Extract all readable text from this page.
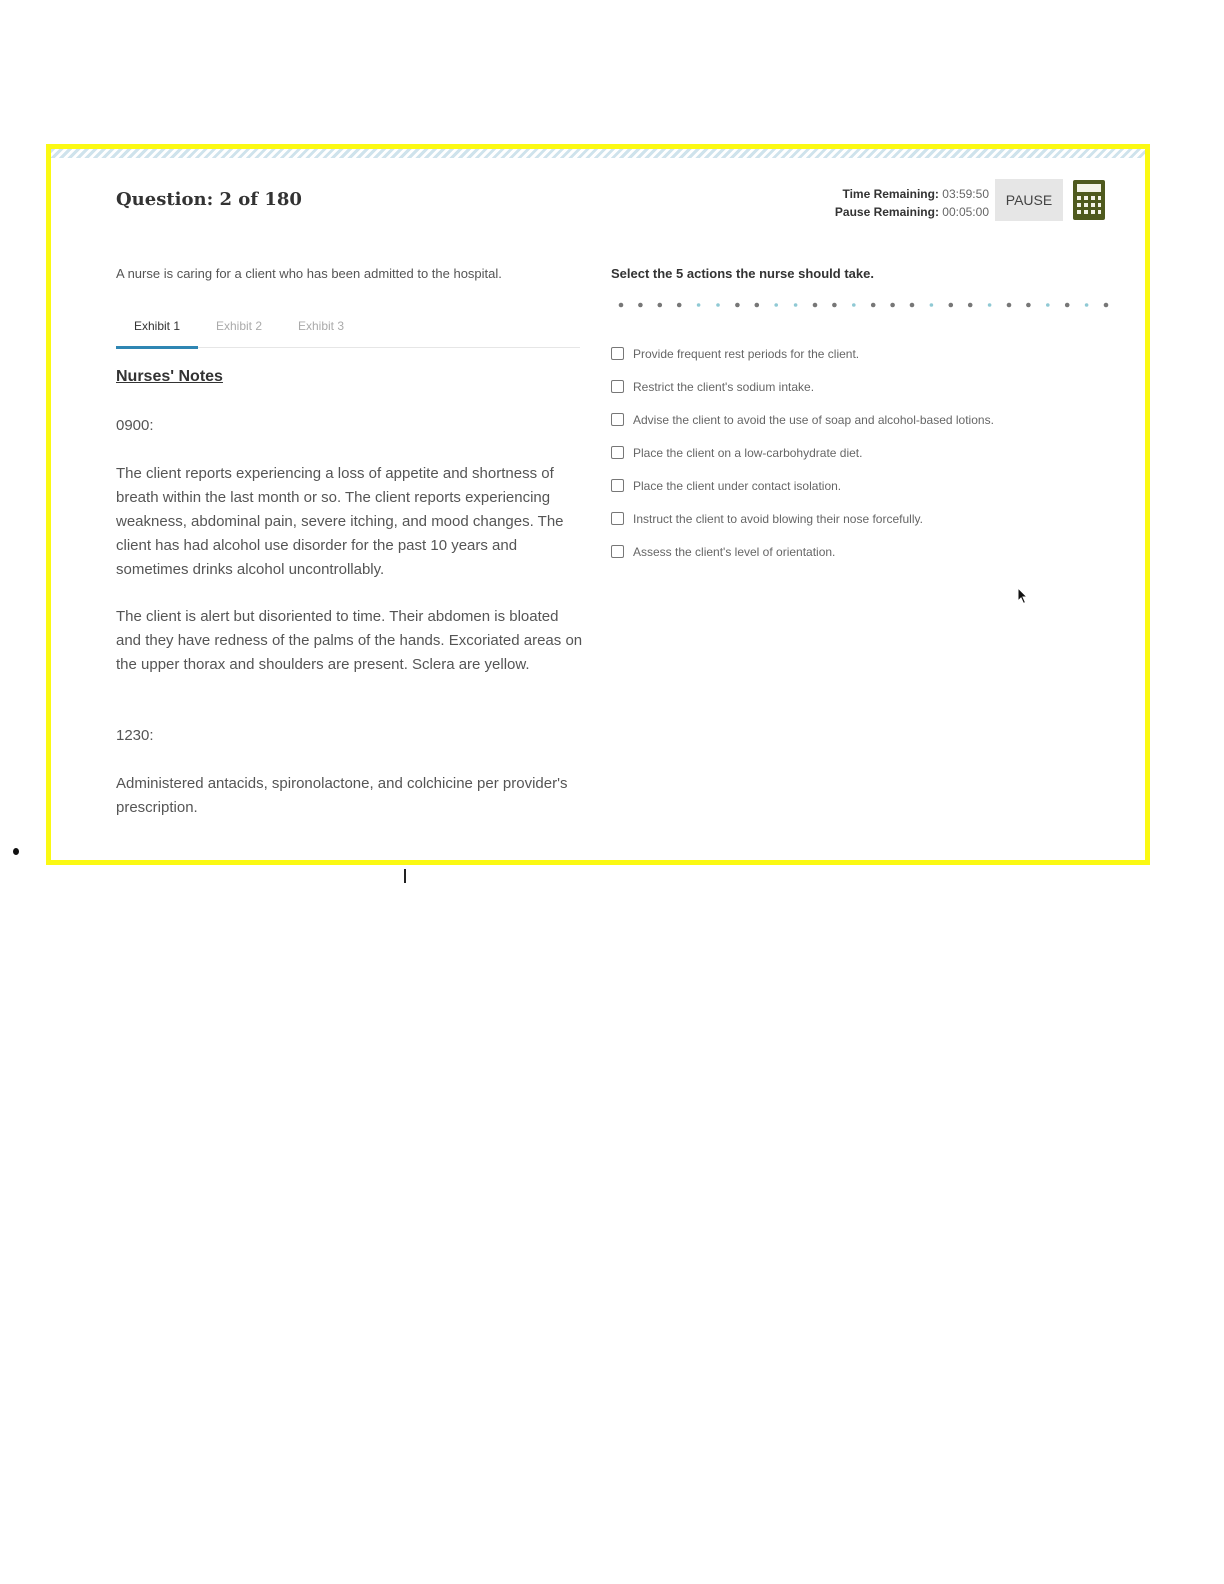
Question: 2 of 180	Time Remaining: 03:59:50
Pause Remaining: 00:05:00
PAUSE
A nurse is caring for a client who has been admitted to the hospital.
Exhibit 1	Exhibit 2	Exhibit 3
Nurses' Notes
0900:
The client reports experiencing a loss of appetite and shortness of breath within the last month or so. The client reports experiencing weakness, abdominal pain, severe itching, and mood changes. The client has had alcohol use disorder for the past 10 years and sometimes drinks alcohol uncontrollably.
The client is alert but disoriented to time. Their abdomen is bloated and they have redness of the palms of the hands. Excoriated areas on the upper thorax and shoulders are present. Sclera are yellow.
1230:
Administered antacids, spironolactone, and colchicine per provider's prescription.
Select the 5 actions the nurse should take.
Provide frequent rest periods for the client.
Restrict the client's sodium intake.
Advise the client to avoid the use of soap and alcohol-based lotions.
Place the client on a low-carbohydrate diet.
Place the client under contact isolation.
Instruct the client to avoid blowing their nose forcefully.
Assess the client's level of orientation.
